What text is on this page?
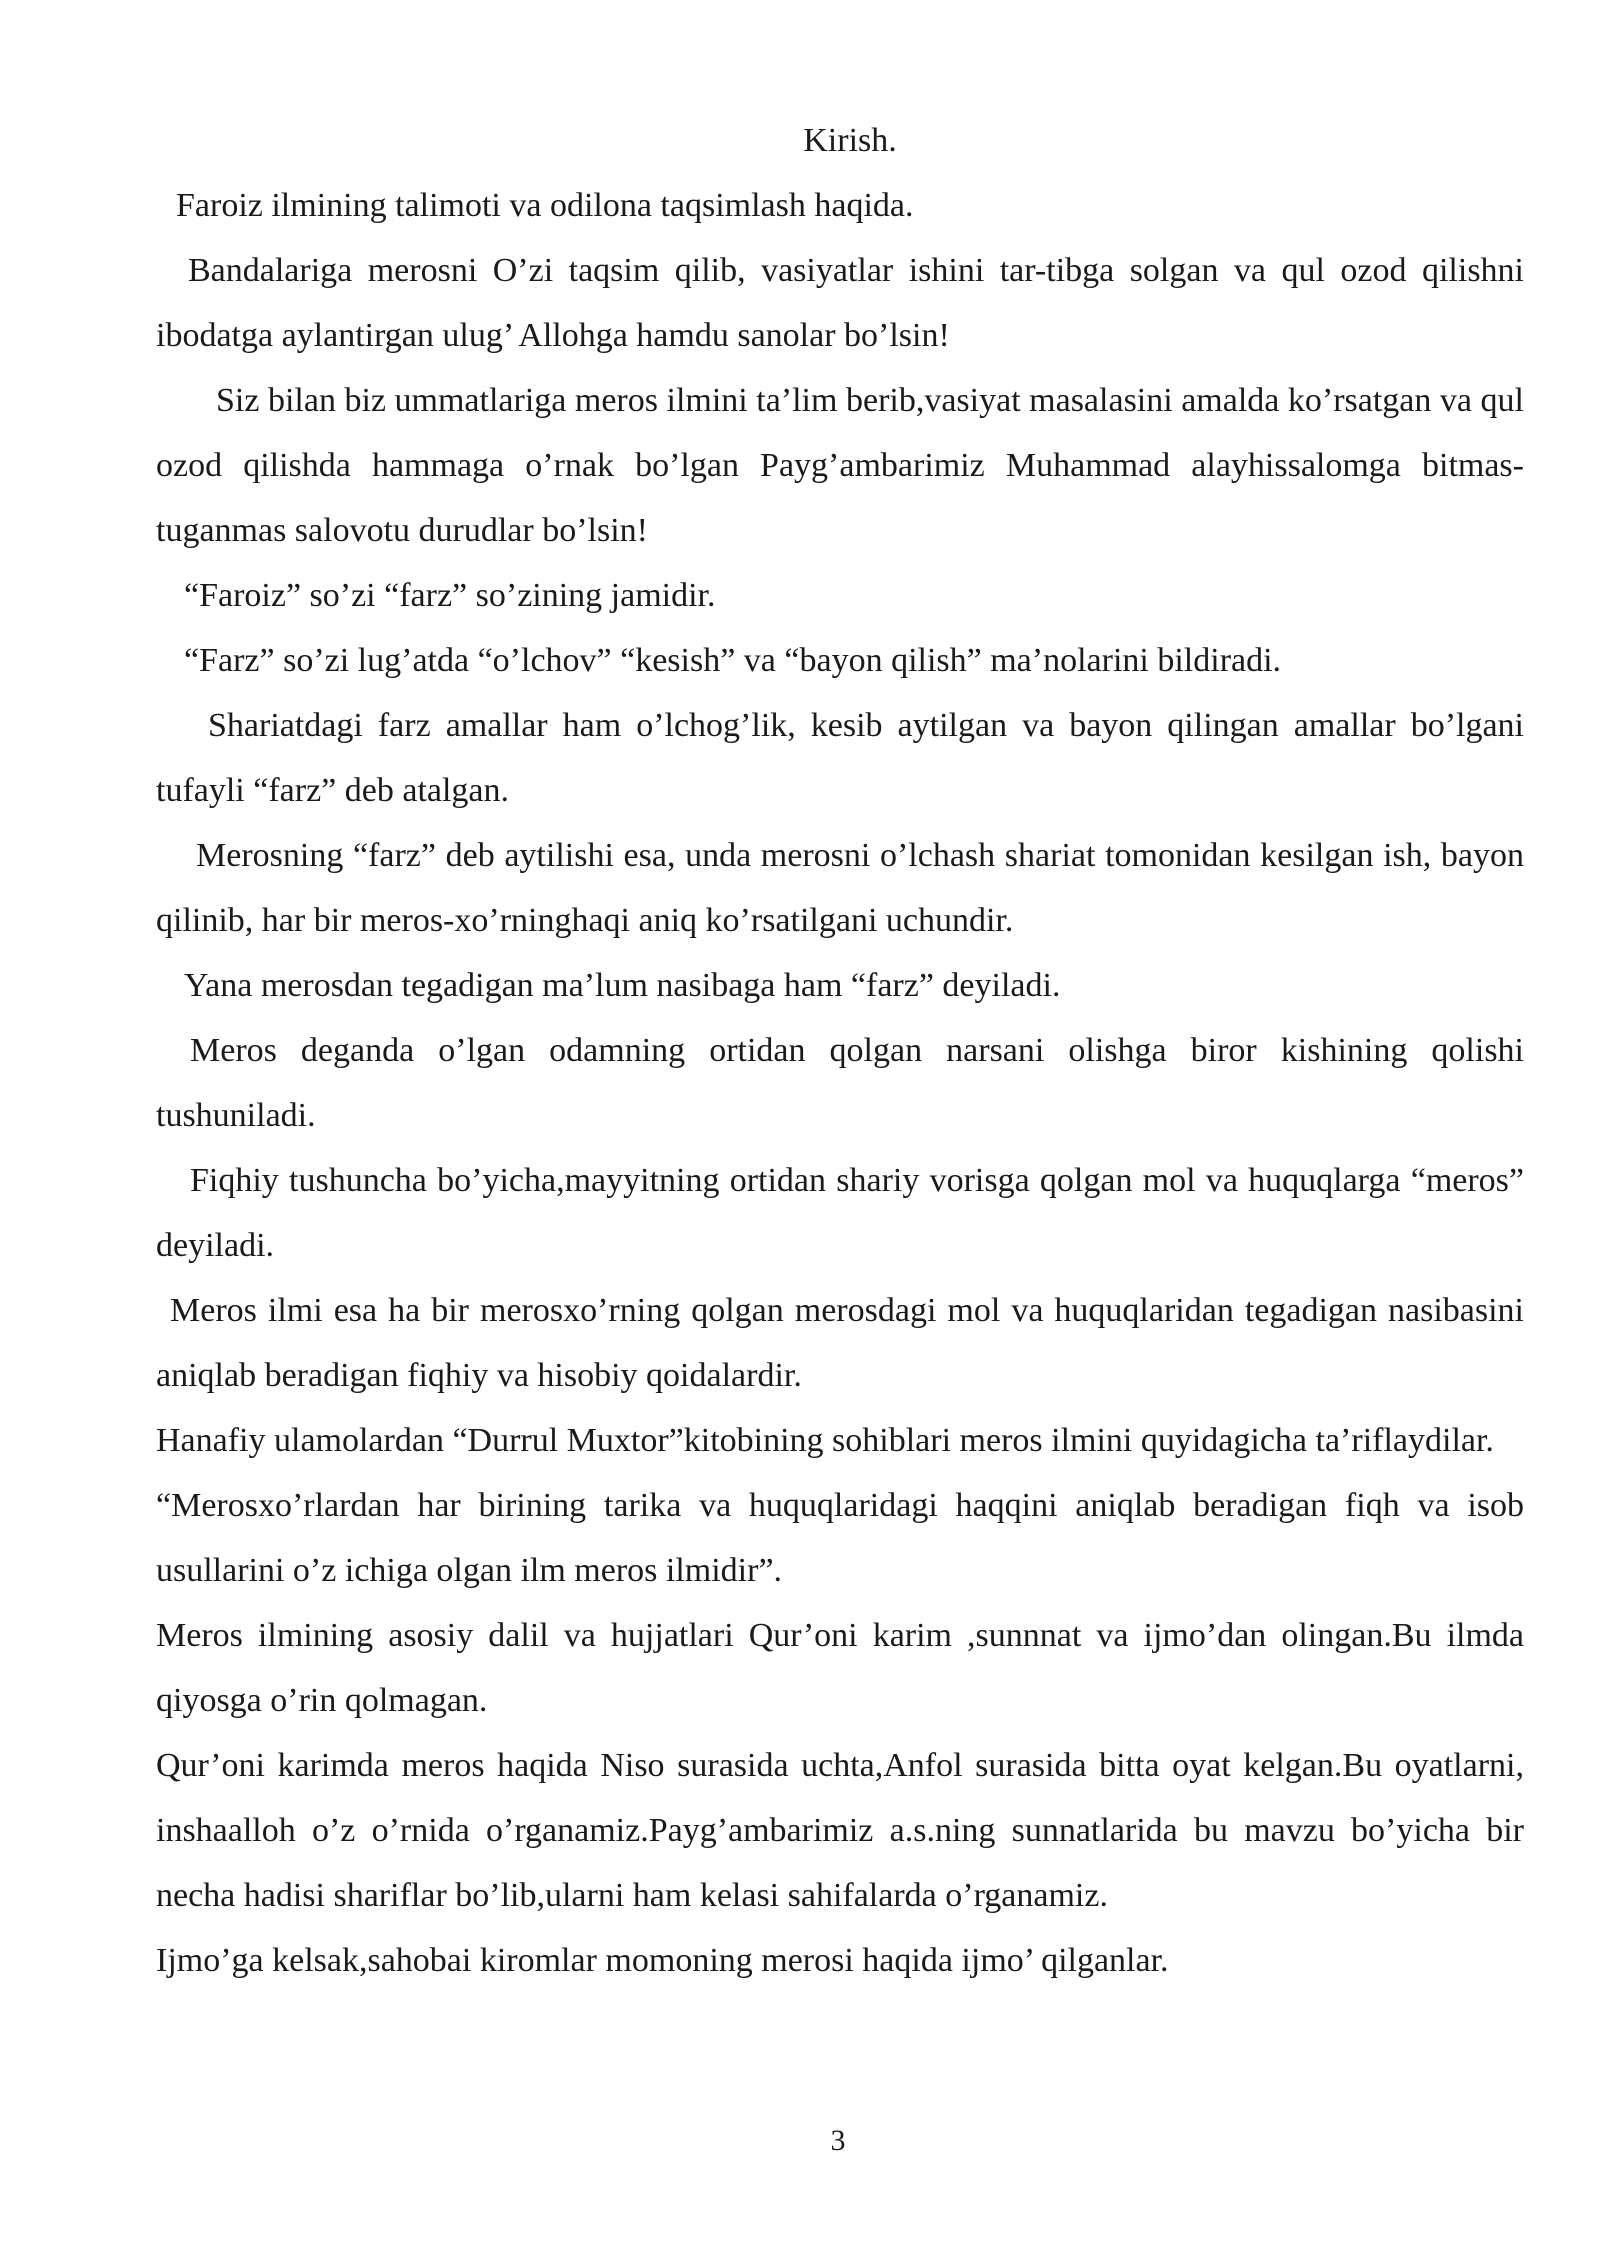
Kirish.

Faroiz ilmining talimoti va odilona taqsimlash haqida.

Bandalariga merosni O’zi taqsim qilib, vasiyatlar ishini tar-tibga solgan va qul ozod qilishni ibodatga aylantirgan ulug’ Allohga hamdu sanolar bo’lsin!

Siz bilan biz ummatlariga meros ilmini ta’lim berib,vasiyat masalasini amalda ko’rsatgan va qul ozod qilishda hammaga o’rnak bo’lgan Payg’ambarimiz Muhammad alayhissalomga bitmas-tuganmas salovotu durudlar bo’lsin!

“Faroiz” so’zi “farz” so’zining jamidir.

“Farz” so’zi lug’atda “o’lchov” “kesish” va “bayon qilish” ma’nolarini bildiradi.

Shariatdagi farz amallar ham o’lchog’lik, kesib aytilgan va bayon qilingan amallar bo’lgani tufayli “farz” deb atalgan.

Merosning “farz” deb aytilishi esa, unda merosni o’lchash shariat tomonidan kesilgan ish, bayon qilinib, har bir meros-xo’rninghaqi aniq ko’rsatilgani uchundir.

Yana merosdan tegadigan ma’lum nasibaga ham “farz” deyiladi.

Meros deganda o’lgan odamning ortidan qolgan narsani olishga biror kishining qolishi tushuniladi.

Fiqhiy tushuncha bo’yicha,mayyitning ortidan shariy vorisga qolgan mol va huquqlarga “meros” deyiladi.

Meros ilmi esa ha bir merosxo’rning qolgan merosdagi mol va huquqlaridan tegadigan nasibasini aniqlab beradigan fiqhiy va hisobiy qoidalardir.

Hanafiy ulamolardan “Durrul Muxtor”kitobining sohiblari meros ilmini quyidagicha ta’riflaydilar.

“Merosxo’rlardan har birining tarika va huquqlaridagi haqqini aniqlab beradigan fiqh va isob usullarini o’z ichiga olgan ilm meros ilmidir”.

Meros ilmining asosiy dalil va hujjatlari Qur’oni karim ,sunnnat va ijmo’dan olingan.Bu ilmda qiyosga o’rin qolmagan.

Qur’oni karimda meros haqida Niso surasida uchta,Anfol surasida bitta oyat kelgan.Bu oyatlarni, inshaalloh o’z o’rnida o’rganamiz.Payg’ambarimiz a.s.ning sunnatlarida bu mavzu bo’yicha bir necha hadisi shariflar bo’lib,ularni ham kelasi sahifalarda o’rganamiz.

Ijmo’ga kelsak,sahobai kiromlar momoning merosi haqida ijmo’ qilganlar.

3
